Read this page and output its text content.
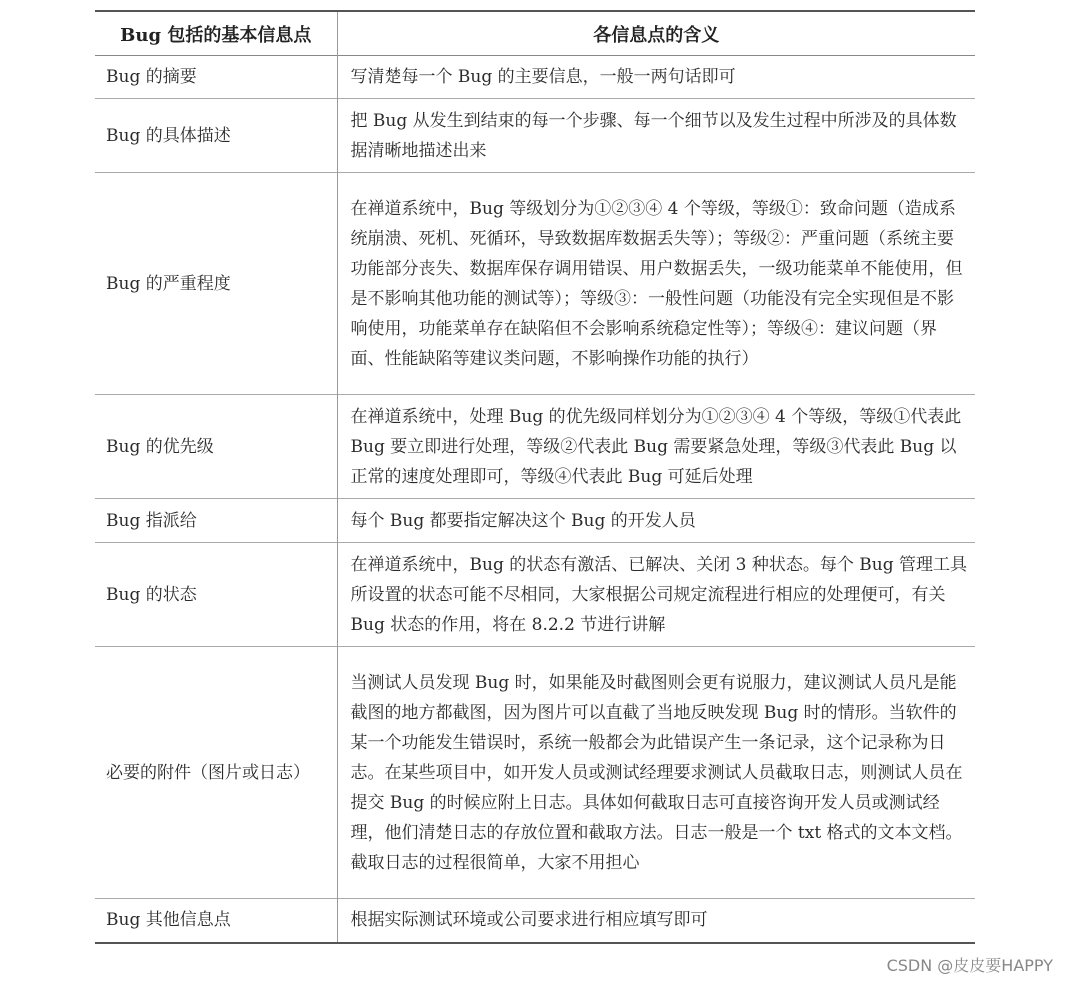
Bug 包括的基本信息点	各信息点的含义
Bug 的摘要	写清楚每一个 Bug 的主要信息，一般一两句话即可
Bug 的具体描述	把 Bug 从发生到结束的每一个步骤、每一个细节以及发生过程中所涉及的具体数据清晰地描述出来
Bug 的严重程度	在禅道系统中，Bug 等级划分为①②③④ 4 个等级，等级①：致命问题（造成系统崩溃、死机、死循环，导致数据库数据丢失等）；等级②：严重问题（系统主要功能部分丧失、数据库保存调用错误、用户数据丢失，一级功能菜单不能使用，但是不影响其他功能的测试等）；等级③：一般性问题（功能没有完全实现但是不影响使用，功能菜单存在缺陷但不会影响系统稳定性等）；等级④：建议问题（界面、性能缺陷等建议类问题，不影响操作功能的执行）
Bug 的优先级	在禅道系统中，处理 Bug 的优先级同样划分为①②③④ 4 个等级，等级①代表此 Bug 要立即进行处理，等级②代表此 Bug 需要紧急处理，等级③代表此 Bug 以正常的速度处理即可，等级④代表此 Bug 可延后处理
Bug 指派给	每个 Bug 都要指定解决这个 Bug 的开发人员
Bug 的状态	在禅道系统中，Bug 的状态有激活、已解决、关闭 3 种状态。每个 Bug 管理工具所设置的状态可能不尽相同，大家根据公司规定流程进行相应的处理便可，有关 Bug 状态的作用，将在 8.2.2 节进行讲解
必要的附件（图片或日志）	当测试人员发现 Bug 时，如果能及时截图则会更有说服力，建议测试人员凡是能截图的地方都截图，因为图片可以直截了当地反映发现 Bug 时的情形。当软件的某一个功能发生错误时，系统一般都会为此错误产生一条记录，这个记录称为日志。在某些项目中，如开发人员或测试经理要求测试人员截取日志，则测试人员在提交 Bug 的时候应附上日志。具体如何截取日志可直接咨询开发人员或测试经理，他们清楚日志的存放位置和截取方法。日志一般是一个 txt 格式的文本文档。截取日志的过程很简单，大家不用担心
Bug 其他信息点	根据实际测试环境或公司要求进行相应填写即可
CSDN @皮皮要HAPPY
